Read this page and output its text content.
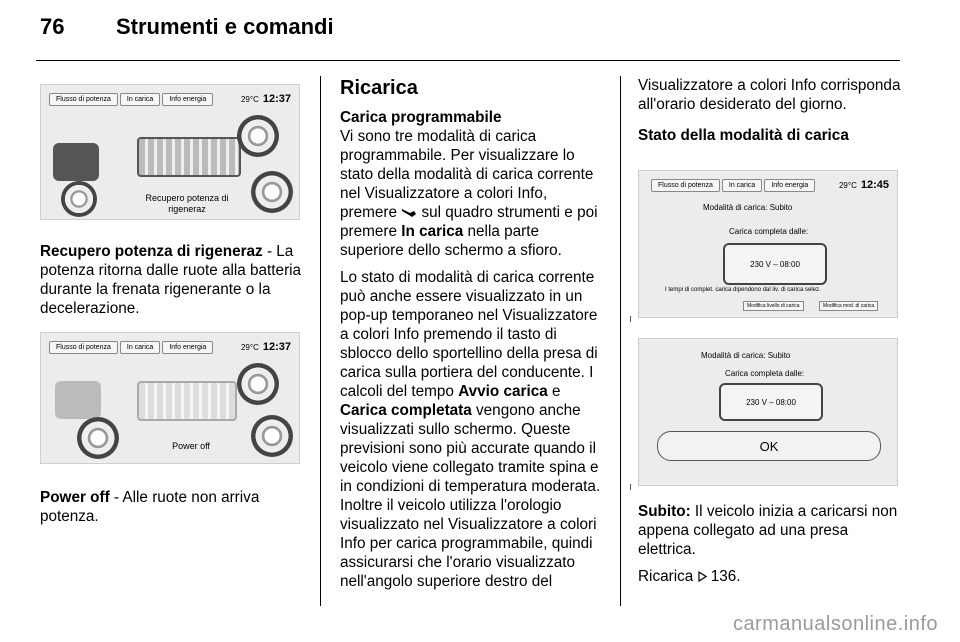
76 Strumenti e comandi
Flusso di potenza	In carica	Info energia	29°C 12:37
Recupero potenza di
rigeneraz

Recupero potenza di rigeneraz - La potenza ritorna dalle ruote alla batteria durante la frenata rigenerante o la decelerazione.

Flusso di potenza	In carica	Info energia	29°C 12:37
Power off

Power off - Alle ruote non arriva potenza.

Ricarica
Carica programmabile

Vi sono tre modalità di carica programmabile. Per visualizzare lo stato della modalità di carica corrente nel Visualizzatore a colori Info, premere  sul quadro strumenti e poi premere In carica nella parte superiore dello schermo a sfioro.

Lo stato di modalità di carica corrente può anche essere visualizzato in un pop-up temporaneo nel Visualizzatore a colori Info premendo il tasto di sblocco dello sportellino della presa di carica sulla portiera del conducente. I calcoli del tempo Avvio carica e Carica completata vengono anche visualizzati sullo schermo. Queste previsioni sono più accurate quando il veicolo viene collegato tramite spina e in condizioni di temperatura moderata. Inoltre il veicolo utilizza l'orologio visualizzato nel Visualizzatore a colori Info per carica programmabile, quindi assicurarsi che l'orario visualizzato nell'angolo superiore destro del

Visualizzatore a colori Info corrisponda all'orario desiderato del giorno.

Stato della modalità di carica

Flusso di potenza	In carica	Info energia	29°C 12:45
Modalità di carica: Subito
Carica completa dalle:
230 V – 08:00
I tempi di complet. carica dipendono dal liv. di carica selez.
Modifica livello di carica	Modifica mod. di carica
Modalità di carica: Subito
Carica completa dalle:
230 V – 08:00
OK

Subito: Il veicolo inizia a caricarsi non appena collegato ad una presa elettrica.

Ricarica  136.

carmanualsonline.info
